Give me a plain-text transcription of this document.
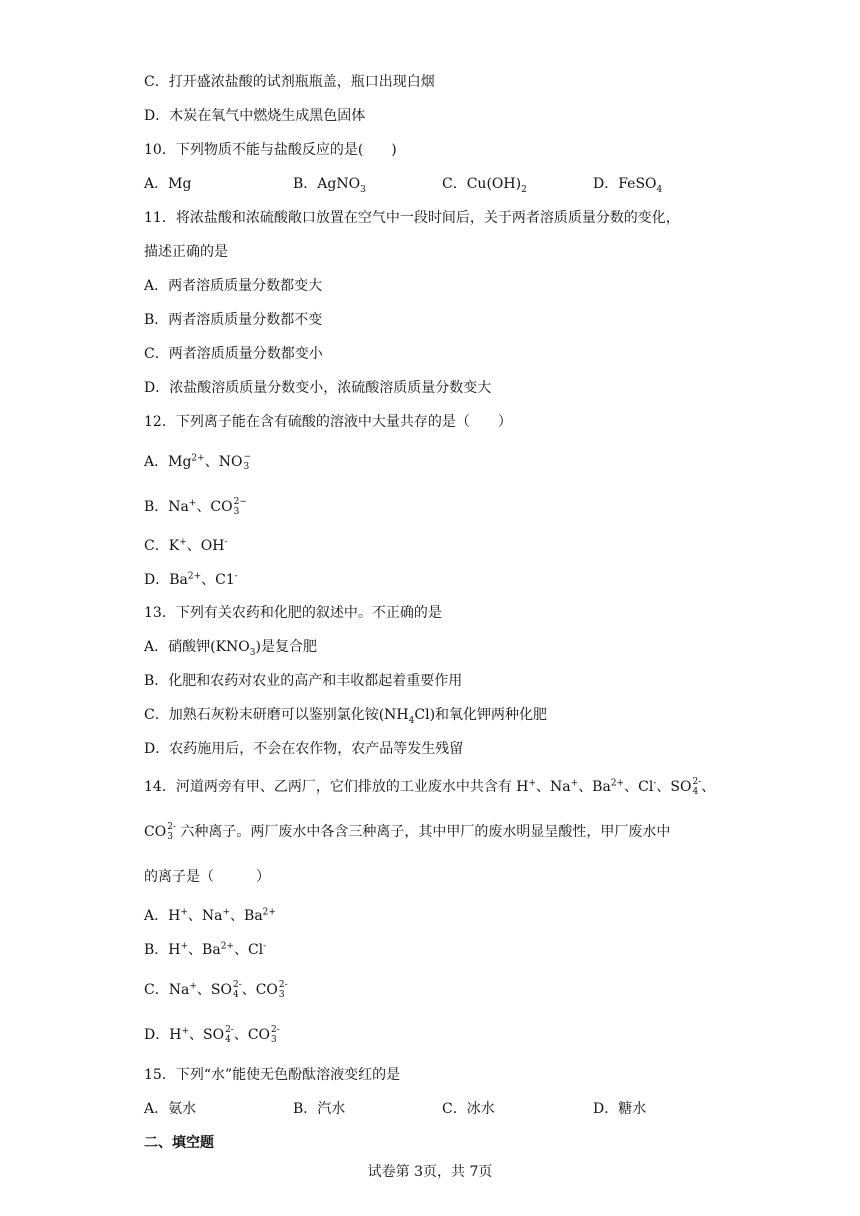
C．打开盛浓盐酸的试剂瓶瓶盖，瓶口出现白烟
D．木炭在氧气中燃烧生成黑色固体
10．下列物质不能与盐酸反应的是(　　)
A．Mg	B．AgNO$_3$	C．$Cu(OH)_2$	D．FeSO$_4$
11．将浓盐酸和浓硫酸敞口放置在空气中一段时间后，关于两者溶质质量分数的变化，
描述正确的是
A．两者溶质质量分数都变大
B．两者溶质质量分数都不变
C．两者溶质质量分数都变小
D．浓盐酸溶质质量分数变小，浓硫酸溶质质量分数变大
12．下列离子能在含有硫酸的溶液中大量共存的是（　　）
A．$Mg^{2+}$、NO −
3
B．Na+、CO 2−
3
C．K+、OH-
D．$Ba^{2+}$、C1-
13．下列有关农药和化肥的叙述中。不正确的是
A．硝酸钾$(KNO_3)$是复合肥
B．化肥和农药对农业的高产和丰收都起着重要作用
C．加熟石灰粉末研磨可以鉴别氯化铵$(NH_4Cl)$和氧化钾两种化肥
D．农药施用后，不会在农作物，农产品等发生残留
14．河道两旁有甲、乙两厂，它们排放的工业废水中共含有 H+、Na+、$Ba^{2+}$、Cl-、SO 2-
4 、
CO 2-
3 六种离子。两厂废水中各含三种离子，其中甲厂的废水明显呈酸性，甲厂废水中
的离子是（　　　）
A．H+、Na+、$Ba^{2+}$
B．H+、$Ba^{2+}$、Cl-
C．Na+、SO 2-
4 、CO 2-
3
D．H+、SO 2-
4 、CO 2-
3
15．下列“水”能使无色酚酞溶液变红的是
A．氨水	B．汽水	C．冰水	D．糖水
二、填空题
试卷第 3页，共 7页
